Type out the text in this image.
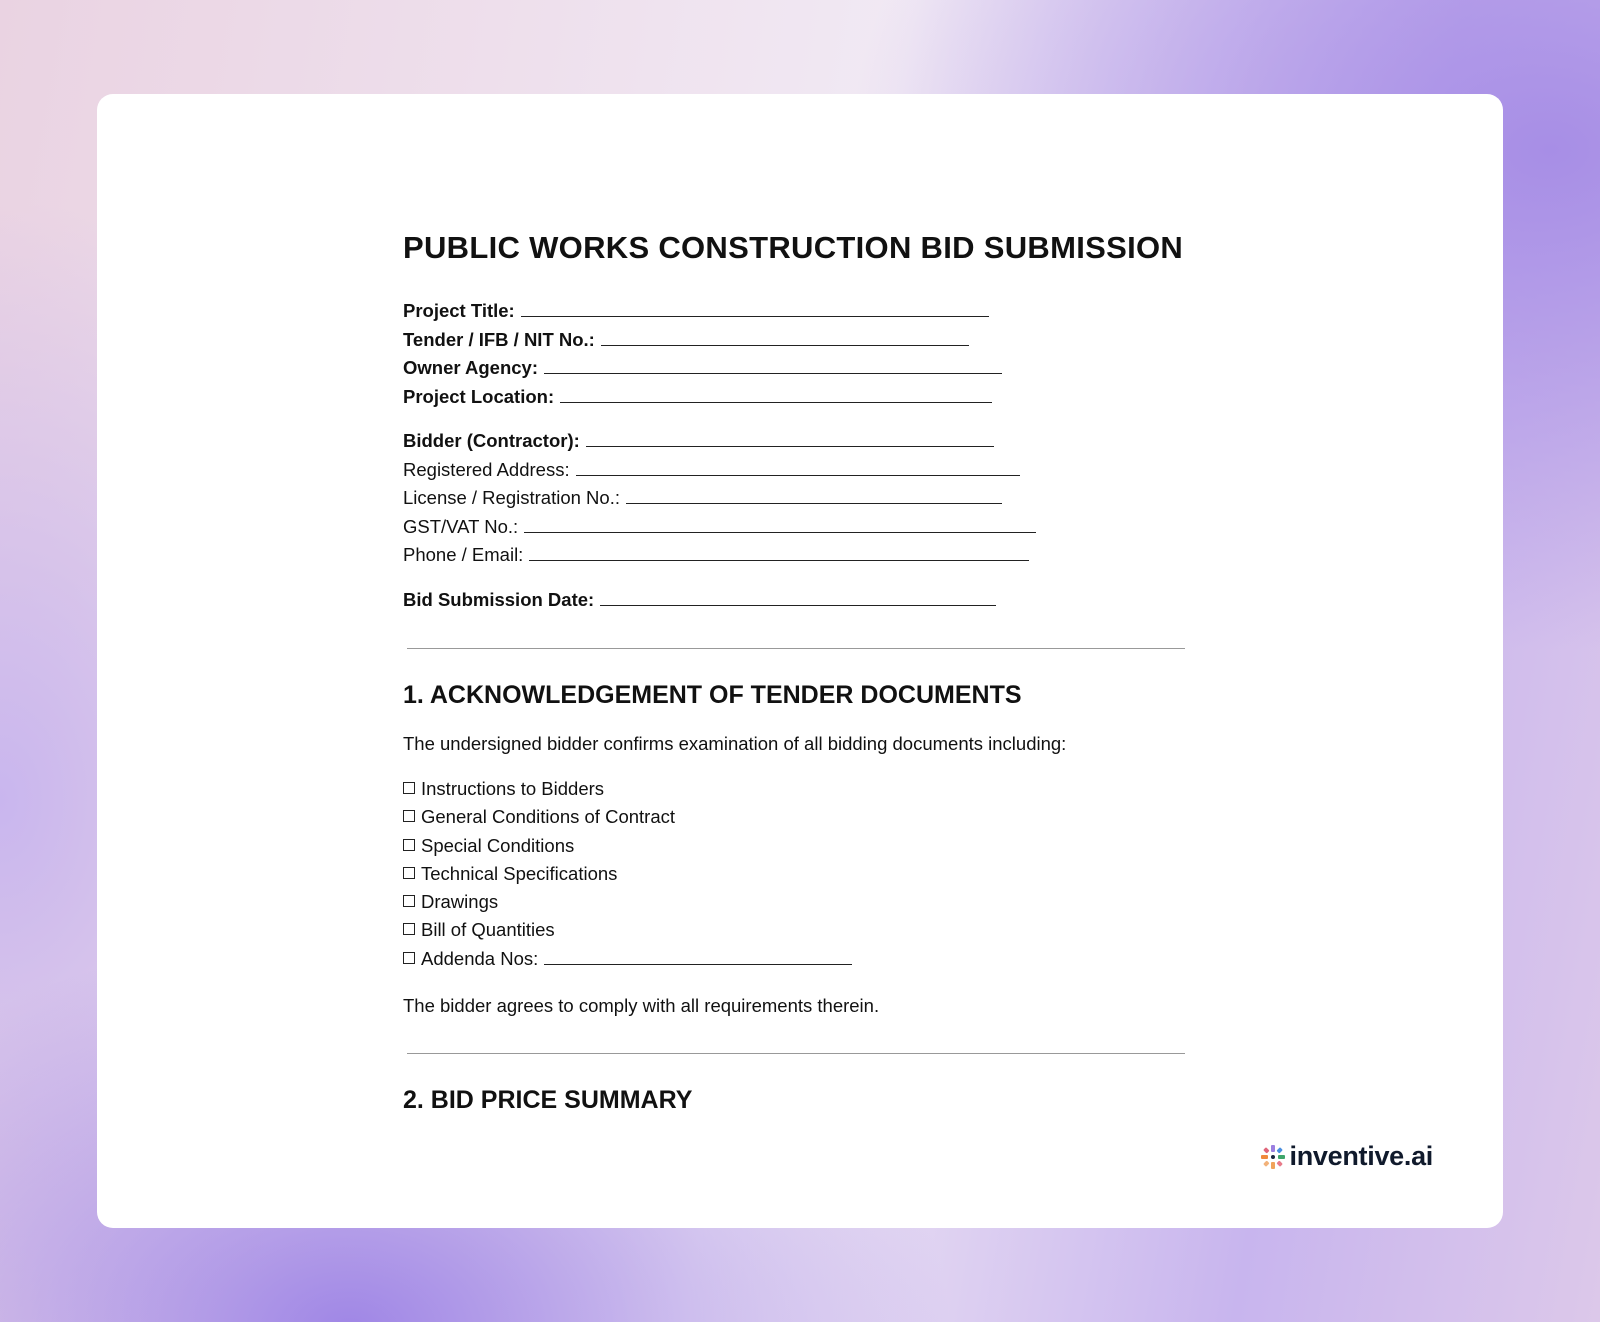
PUBLIC WORKS CONSTRUCTION BID SUBMISSION
Project Title:
Tender / IFB / NIT No.:
Owner Agency:
Project Location:
Bidder (Contractor):
Registered Address:
License / Registration No.:
GST/VAT No.:
Phone / Email:
Bid Submission Date:
1. ACKNOWLEDGEMENT OF TENDER DOCUMENTS

The undersigned bidder confirms examination of all bidding documents including:

Instructions to Bidders
General Conditions of Contract
Special Conditions
Technical Specifications
Drawings
Bill of Quantities
Addenda Nos:

The bidder agrees to comply with all requirements therein.

2. BID PRICE SUMMARY
inventive.ai
